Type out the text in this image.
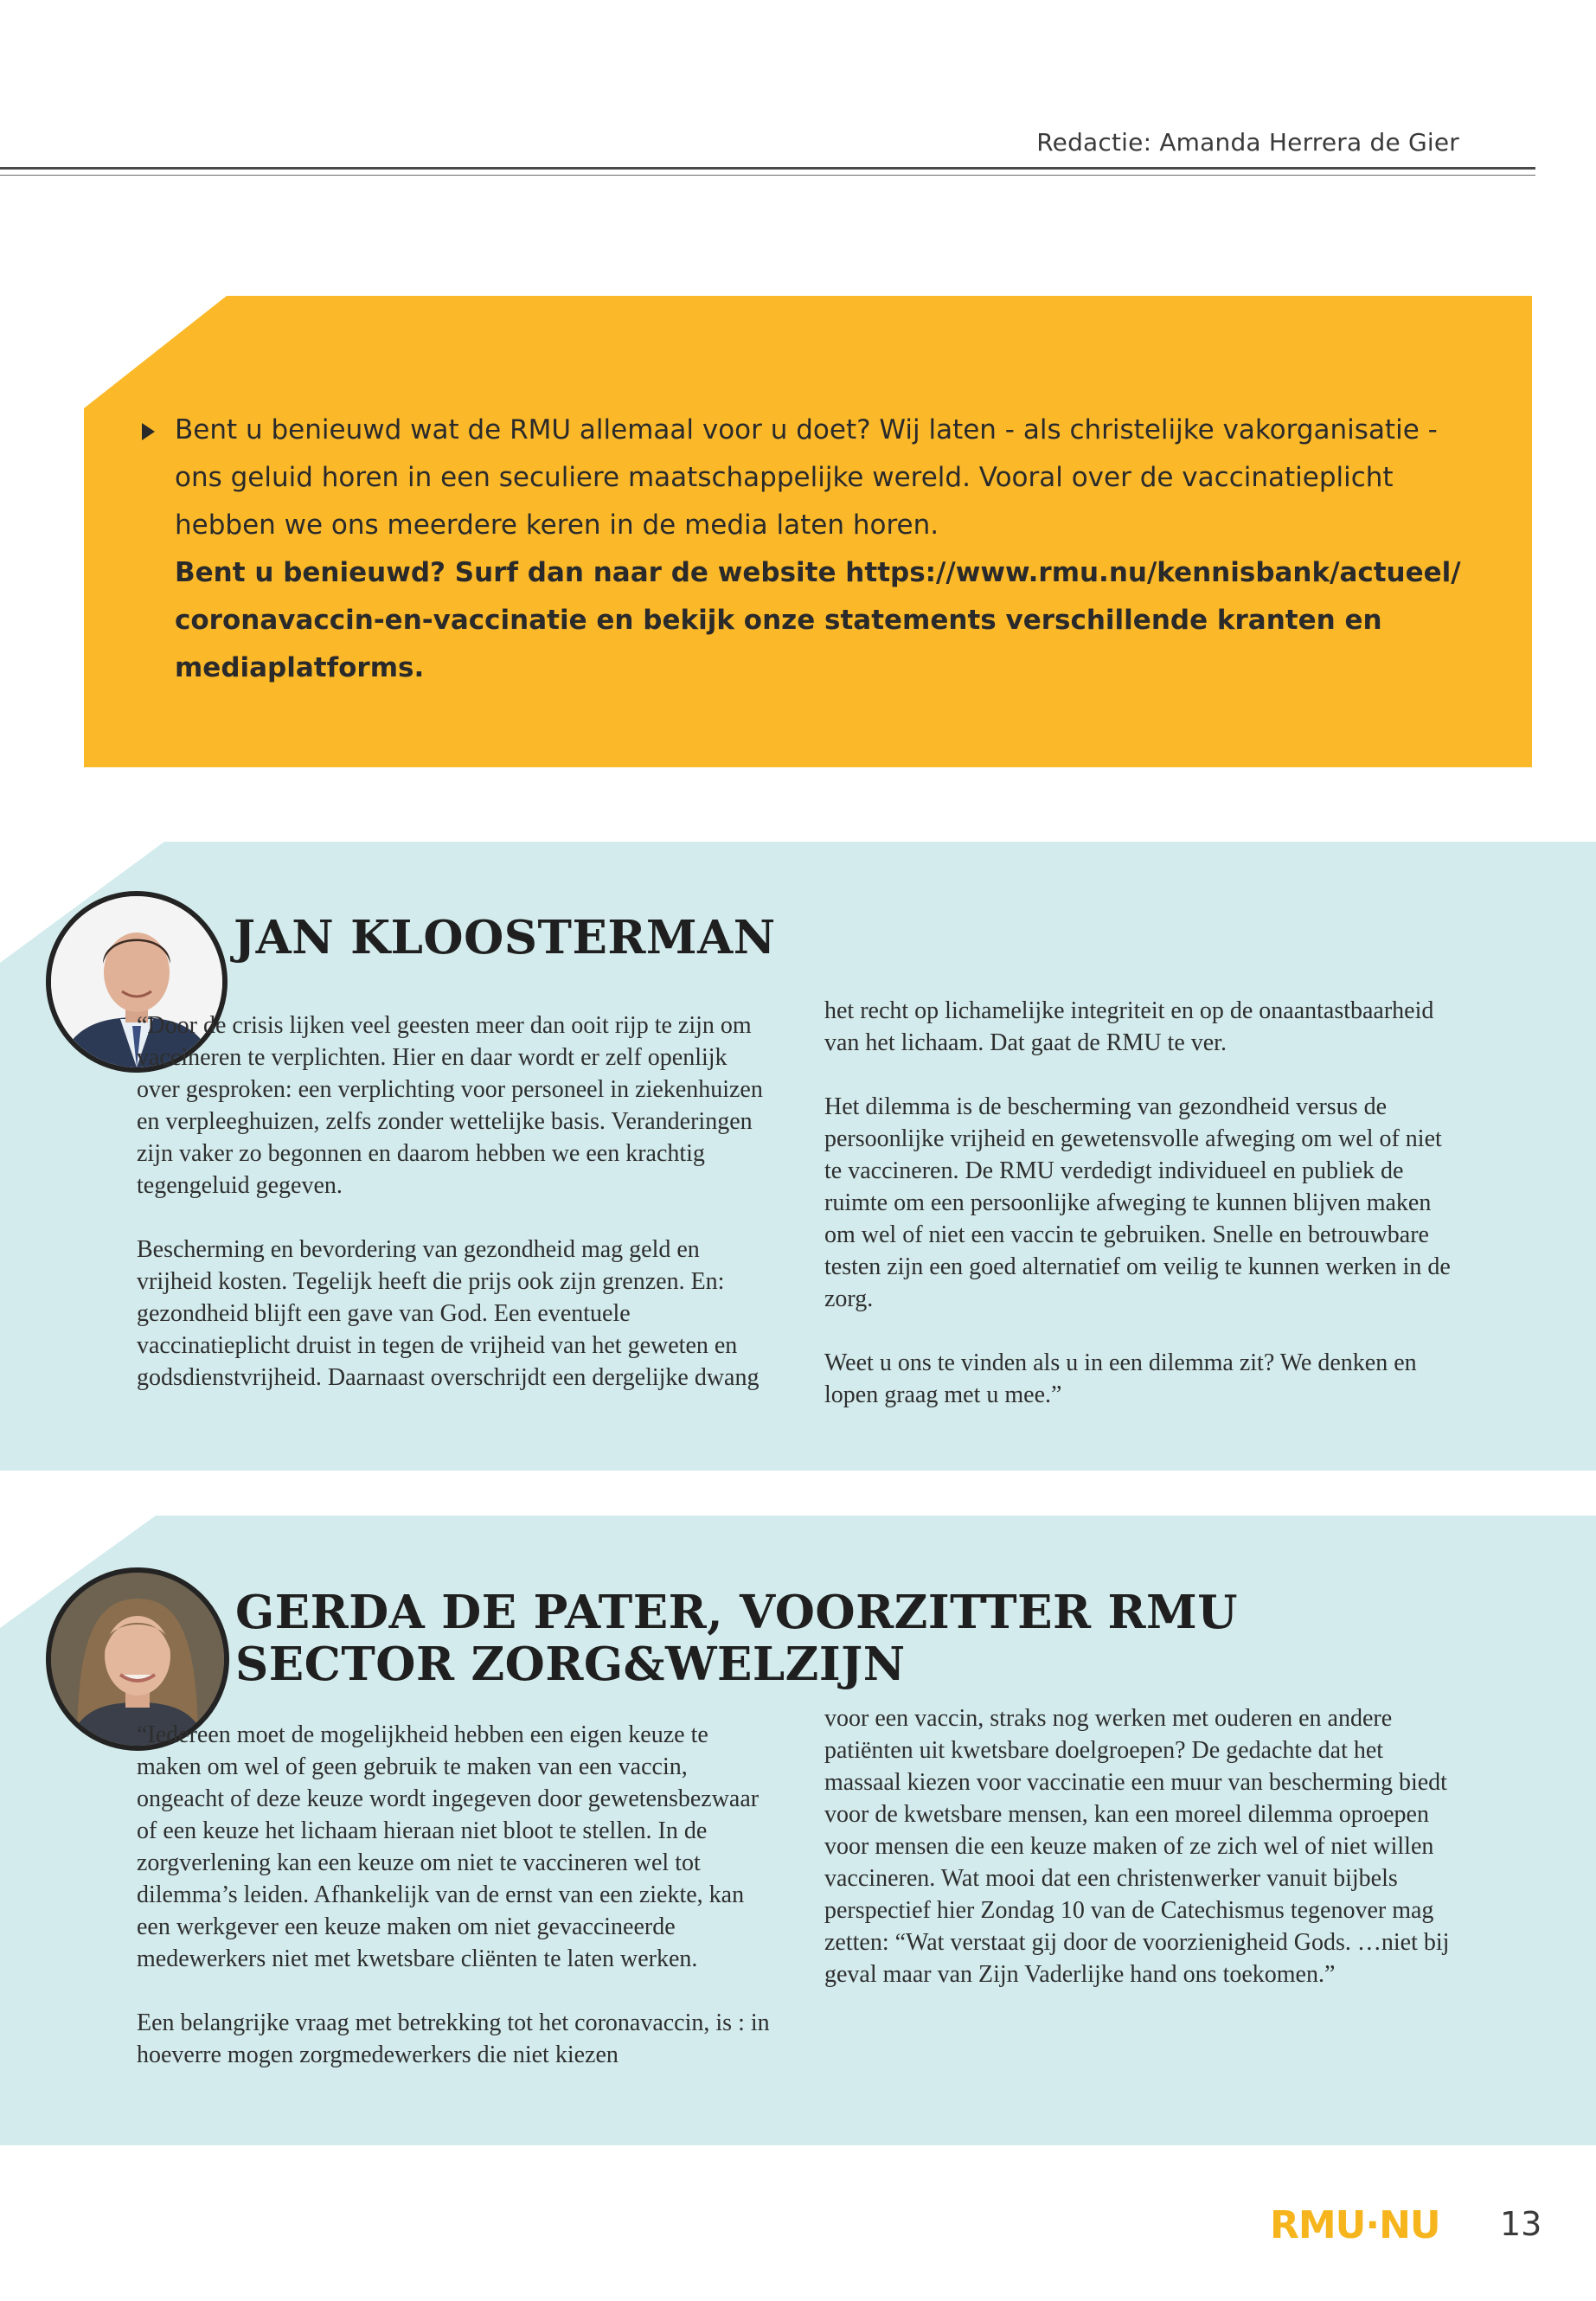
Redactie: Amanda Herrera de Gier

Bent u benieuwd wat de RMU allemaal voor u doet? Wij laten - als christelijke vakorganisatie - ons geluid horen in een seculiere maatschappelijke wereld. Vooral over de vaccinatieplicht hebben we ons meerdere keren in de media laten horen.

Bent u benieuwd? Surf dan naar de website https://www.rmu.nu/kennisbank/actueel/
coronavaccin-en-vaccinatie en bekijk onze statements verschillende kranten en mediaplatforms.

JAN KLOOSTERMAN

“Door de crisis lijken veel geesten meer dan ooit rijp te zijn om vaccineren te verplichten. Hier en daar wordt er zelf openlijk over gesproken: een verplichting voor personeel in ziekenhuizen en verpleeghuizen, zelfs zonder wettelijke basis. Veranderingen zijn vaker zo begonnen en daarom hebben we een krachtig tegengeluid gegeven.

Bescherming en bevordering van gezondheid mag geld en vrijheid kosten. Tegelijk heeft die prijs ook zijn grenzen. En: gezondheid blijft een gave van God. Een eventuele vaccinatieplicht druist in tegen de vrijheid van het geweten en godsdienstvrijheid. Daarnaast overschrijdt een dergelijke dwang

het recht op lichamelijke integriteit en op de onaantastbaarheid van het lichaam. Dat gaat de RMU te ver.

Het dilemma is de bescherming van gezondheid versus de persoonlijke vrijheid en gewetensvolle afweging om wel of niet te vaccineren. De RMU verdedigt individueel en publiek de ruimte om een persoonlijke afweging te kunnen blijven maken om wel of niet een vaccin te gebruiken. Snelle en betrouwbare testen zijn een goed alternatief om veilig te kunnen werken in de zorg.

Weet u ons te vinden als u in een dilemma zit? We denken en lopen graag met u mee.”

GERDA DE PATER, VOORZITTER RMU
SECTOR ZORG&WELZIJN

“Iedereen moet de mogelijkheid hebben een eigen keuze te maken om wel of geen gebruik te maken van een vaccin, ongeacht of deze keuze wordt ingegeven door gewetensbezwaar of een keuze het lichaam hieraan niet bloot te stellen. In de zorgverlening kan een keuze om niet te vaccineren wel tot dilemma’s leiden. Afhankelijk van de ernst van een ziekte, kan een werkgever een keuze maken om niet gevaccineerde medewerkers niet met kwetsbare cliënten te laten werken.

Een belangrijke vraag met betrekking tot het coronavaccin, is : in hoeverre mogen zorgmedewerkers die niet kiezen

voor een vaccin, straks nog werken met ouderen en andere patiënten uit kwetsbare doelgroepen? De gedachte dat het massaal kiezen voor vaccinatie een muur van bescherming biedt voor de kwetsbare mensen, kan een moreel dilemma oproepen voor mensen die een keuze maken of ze zich wel of niet willen vaccineren. Wat mooi dat een christenwerker vanuit bijbels perspectief hier Zondag 10 van de Catechismus tegenover mag zetten: “Wat verstaat gij door de voorzienigheid Gods. …niet bij geval maar van Zijn Vaderlijke hand ons toekomen.”

RMU·NU 13
